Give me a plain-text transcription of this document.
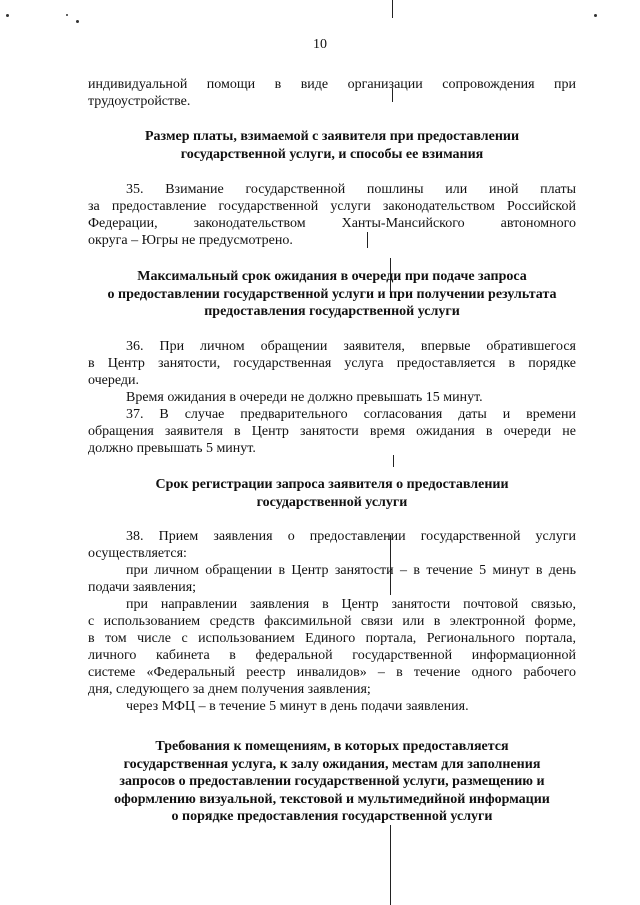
10
индивидуальной помощи в виде организации сопровождения при
трудоустройстве.
Размер платы, взимаемой с заявителя при предоставлении
государственной услуги, и способы ее взимания
35. Взимание государственной пошлины или иной платы
за предоставление государственной услуги законодательством Российской
Федерации, законодательством Ханты-Мансийского автономного
округа – Югры не предусмотрено.
Максимальный срок ожидания в очереди при подаче запроса
о предоставлении государственной услуги и при получении результата
предоставления государственной услуги
36. При личном обращении заявителя, впервые обратившегося
в Центр занятости, государственная услуга предоставляется в порядке
очереди.
Время ожидания в очереди не должно превышать 15 минут.
37. В случае предварительного согласования даты и времени
обращения заявителя в Центр занятости время ожидания в очереди не
должно превышать 5 минут.
Срок регистрации запроса заявителя о предоставлении
государственной услуги
38. Прием заявления о предоставлении государственной услуги
осуществляется:
при личном обращении в Центр занятости – в течение 5 минут в день
подачи заявления;
при направлении заявления в Центр занятости почтовой связью,
с использованием средств факсимильной связи или в электронной форме,
в том числе с использованием Единого портала, Регионального портала,
личного кабинета в федеральной государственной информационной
системе «Федеральный реестр инвалидов» – в течение одного рабочего
дня, следующего за днем получения заявления;
через МФЦ – в течение 5 минут в день подачи заявления.
Требования к помещениям, в которых предоставляется
государственная услуга, к залу ожидания, местам для заполнения
запросов о предоставлении государственной услуги, размещению и
оформлению визуальной, текстовой и мультимедийной информации
о порядке предоставления государственной услуги
